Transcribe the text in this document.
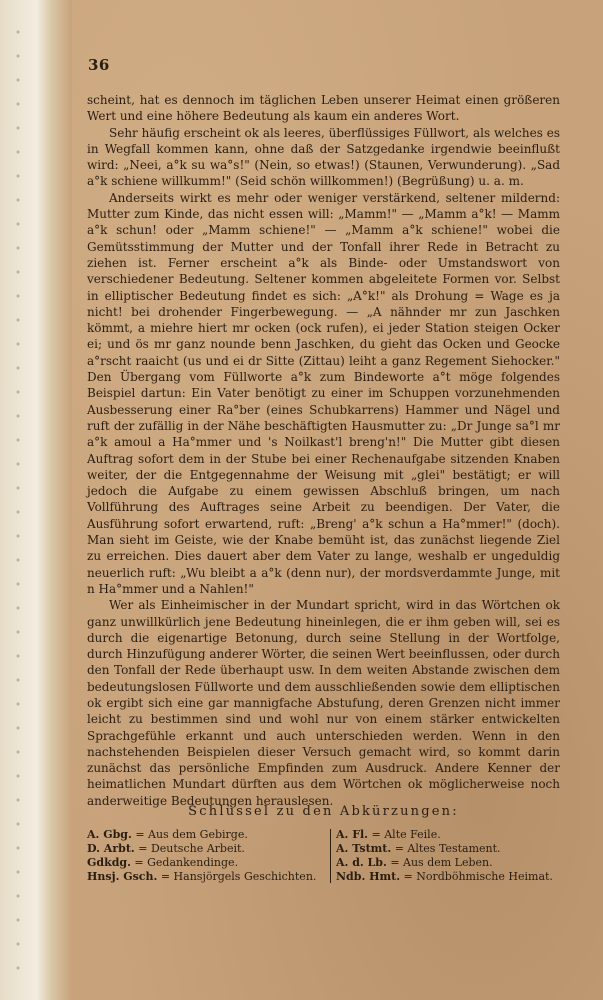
36

scheint, hat es dennoch im täglichen Leben unserer Heimat einen größeren Wert und eine höhere Bedeutung als kaum ein anderes Wort.

Sehr häufig erscheint ok als leeres, überflüssiges Füllwort, als welches es in Wegfall kommen kann, ohne daß der Satzgedanke irgendwie beeinflußt wird: „Neei, a°k su wa°s!" (Nein, so etwas!) (Staunen, Verwunderung). „Sad a°k schiene willkumm!" (Seid schön willkommen!) (Begrüßung) u. a. m.

Anderseits wirkt es mehr oder weniger verstärkend, seltener mildernd: Mutter zum Kinde, das nicht essen will: „Mamm!" — „Mamm a°k! — Mamm a°k schun! oder „Mamm schiene!" — „Mamm a°k schiene!" wobei die Gemütsstimmung der Mutter und der Tonfall ihrer Rede in Betracht zu ziehen ist. Ferner erscheint a°k als Binde- oder Umstandswort von verschiedener Bedeutung. Seltener kommen abgeleitete Formen vor. Selbst in elliptischer Bedeutung findet es sich: „A°k!" als Drohung = Wage es ja nicht! bei drohender Fingerbewegung. — „A nähnder mr zun Jaschken kömmt, a miehre hiert mr ocken (ock rufen), ei jeder Station steigen Ocker ei; und ös mr ganz nounde benn Jaschken, du gieht das Ocken und Geocke a°rscht raaicht (us und ei dr Sitte (Zittau) leiht a ganz Regement Siehocker." Den Übergang vom Füllworte a°k zum Bindeworte a°t möge folgendes Beispiel dartun: Ein Vater benötigt zu einer im Schuppen vorzunehmenden Ausbesserung einer Ra°ber (eines Schubkarrens) Hammer und Nägel und ruft der zufällig in der Nähe beschäftigten Hausmutter zu: „Dr Junge sa°l mr a°k amoul a Ha°mmer und 's Noilkast'l breng'n!" Die Mutter gibt diesen Auftrag sofort dem in der Stube bei einer Rechenaufgabe sitzenden Knaben weiter, der die Entgegennahme der Weisung mit „glei" bestätigt; er will jedoch die Aufgabe zu einem gewissen Abschluß bringen, um nach Vollführung des Auftrages seine Arbeit zu beendigen. Der Vater, die Ausführung sofort erwartend, ruft: „Breng' a°k schun a Ha°mmer!" (doch). Man sieht im Geiste, wie der Knabe bemüht ist, das zunächst liegende Ziel zu erreichen. Dies dauert aber dem Vater zu lange, weshalb er ungeduldig neuerlich ruft: „Wu bleibt a a°k (denn nur), der mordsverdammte Junge, mit n Ha°mmer und a Nahlen!"

Wer als Einheimischer in der Mundart spricht, wird in das Wörtchen ok ganz unwillkürlich jene Bedeutung hineinlegen, die er ihm geben will, sei es durch die eigenartige Betonung, durch seine Stellung in der Wortfolge, durch Hinzufügung anderer Wörter, die seinen Wert beeinflussen, oder durch den Tonfall der Rede überhaupt usw. In dem weiten Abstande zwischen dem bedeutungslosen Füllworte und dem ausschließenden sowie dem elliptischen ok ergibt sich eine gar mannigfache Abstufung, deren Grenzen nicht immer leicht zu bestimmen sind und wohl nur von einem stärker entwickelten Sprachgefühle erkannt und auch unterschieden werden. Wenn in den nachstehenden Beispielen dieser Versuch gemacht wird, so kommt darin zunächst das persönliche Empfinden zum Ausdruck. Andere Kenner der heimatlichen Mundart dürften aus dem Wörtchen ok möglicherweise noch anderweitige Bedeutungen herauslesen.

Schlüssel zu den Abkürzungen:
A. Gbg. = Aus dem Gebirge.
D. Arbt. = Deutsche Arbeit.
Gdkdg. = Gedankendinge.
Hnsj. Gsch. = Hansjörgels Geschichten.
A. Fl. = Alte Feile.
A. Tstmt. = Altes Testament.
A. d. Lb. = Aus dem Leben.
Ndb. Hmt. = Nordböhmische Heimat.
